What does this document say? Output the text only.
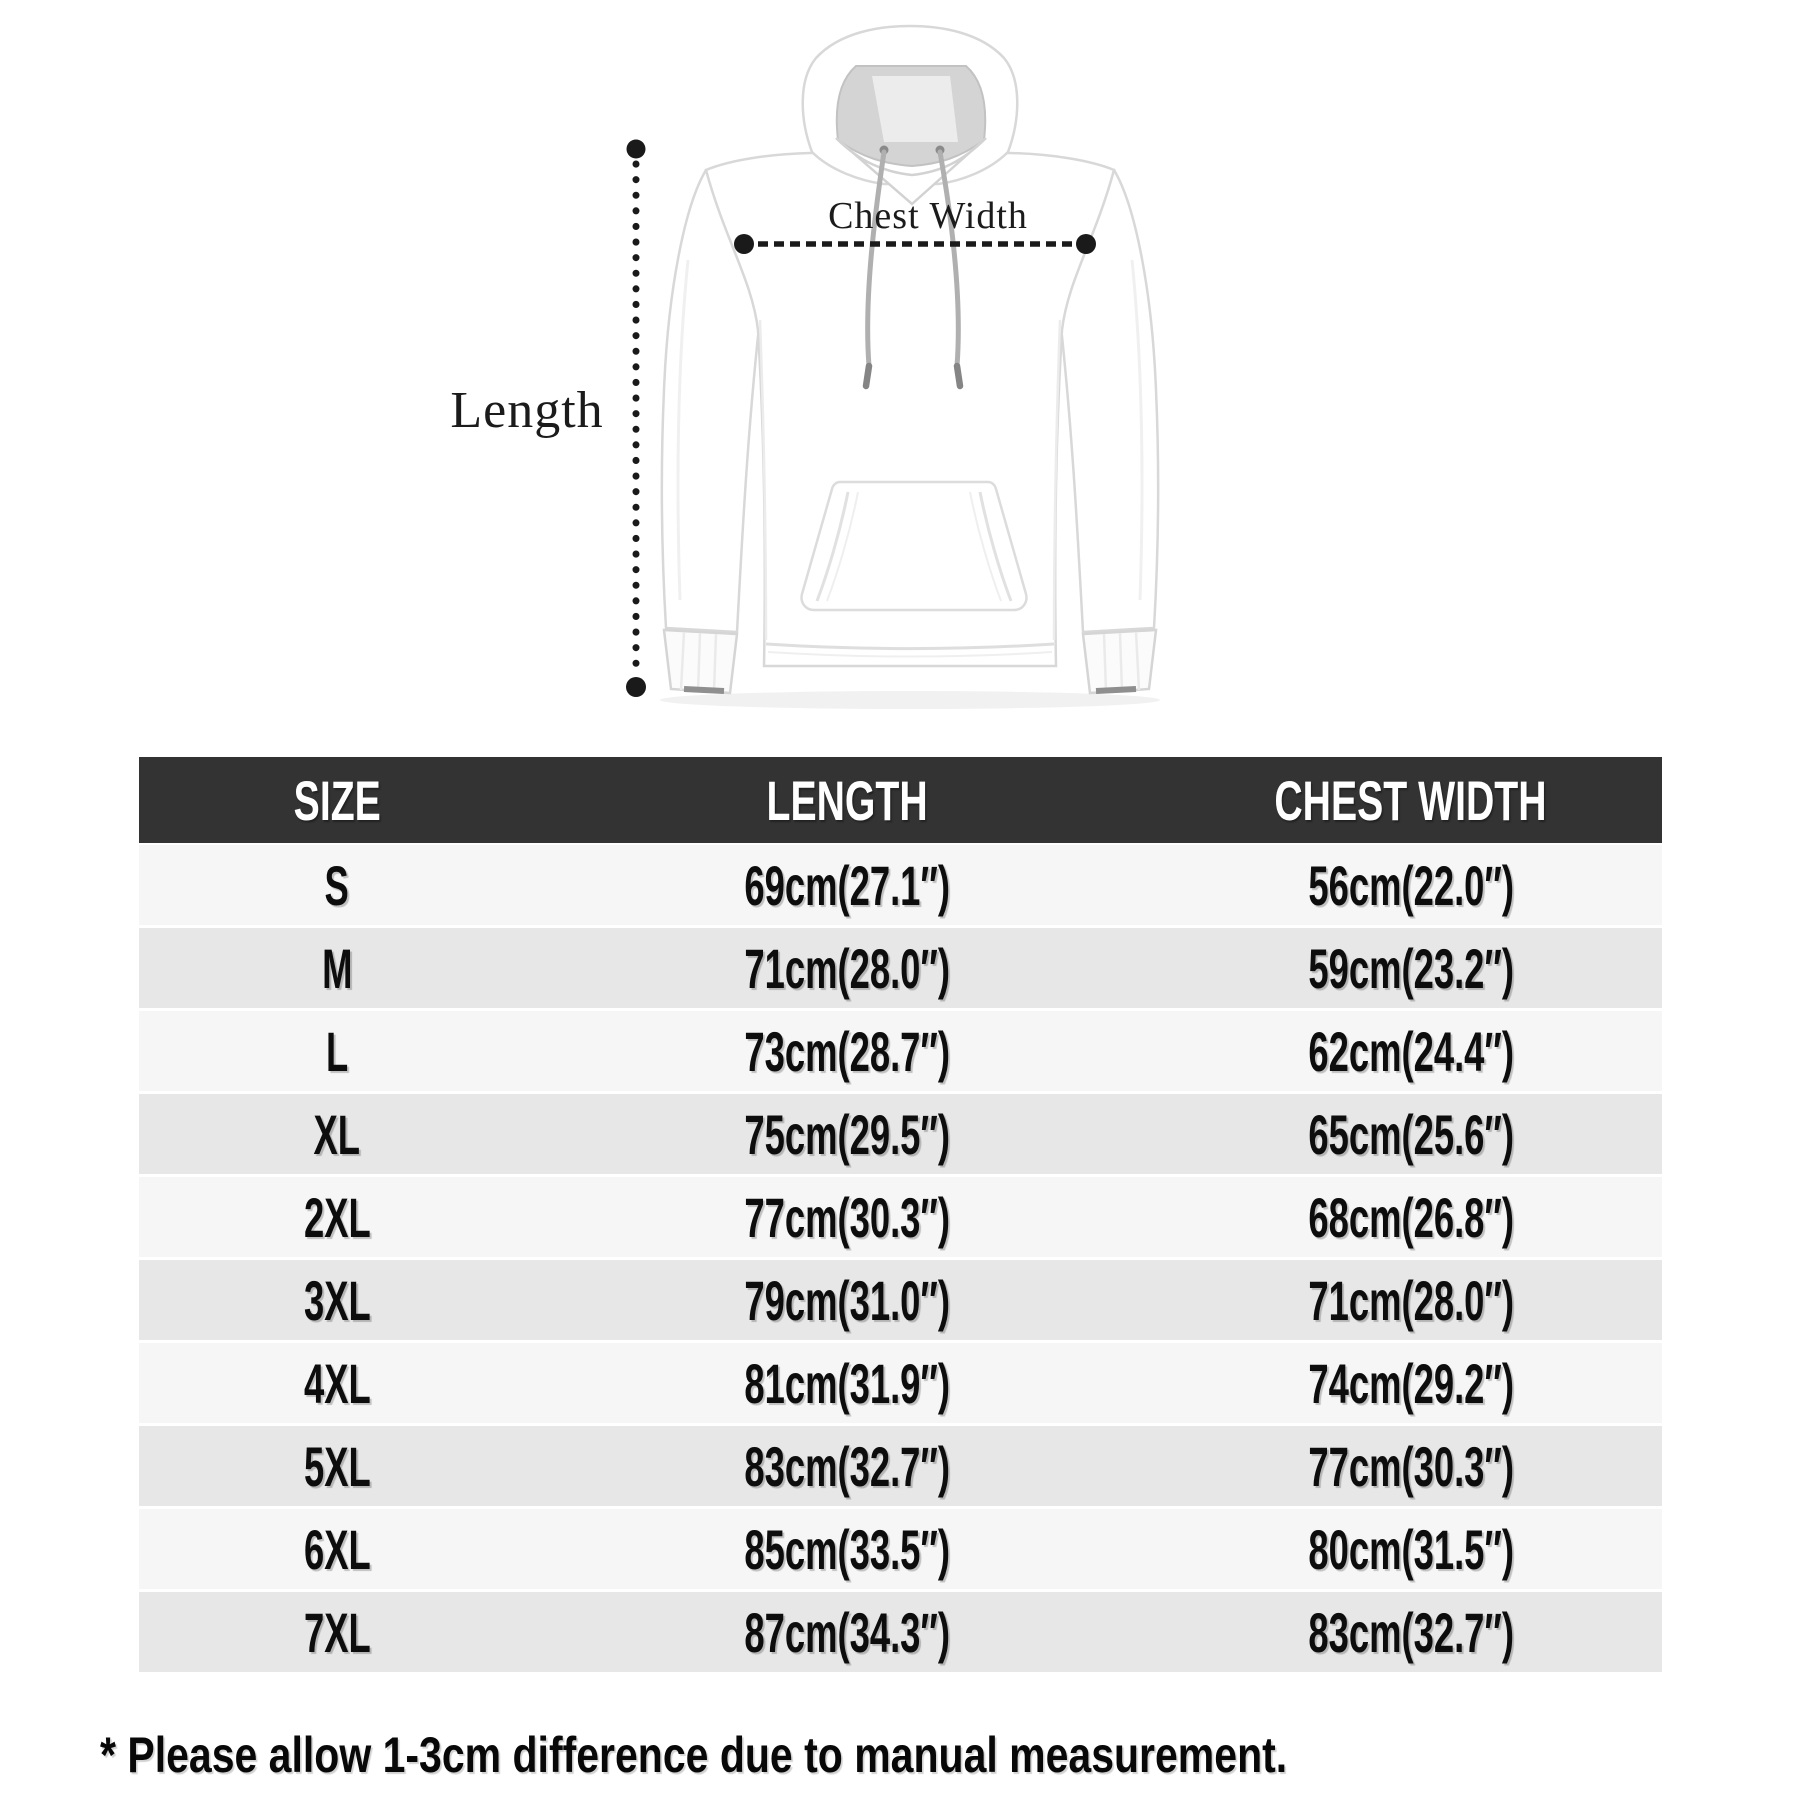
Length
Chest Width
SIZE	LENGTH	CHEST WIDTH
S	69cm(27.1″)	56cm(22.0″)
M	71cm(28.0″)	59cm(23.2″)
L	73cm(28.7″)	62cm(24.4″)
XL	75cm(29.5″)	65cm(25.6″)
2XL	77cm(30.3″)	68cm(26.8″)
3XL	79cm(31.0″)	71cm(28.0″)
4XL	81cm(31.9″)	74cm(29.2″)
5XL	83cm(32.7″)	77cm(30.3″)
6XL	85cm(33.5″)	80cm(31.5″)
7XL	87cm(34.3″)	83cm(32.7″)
* Please allow 1-3cm difference due to manual measurement.
